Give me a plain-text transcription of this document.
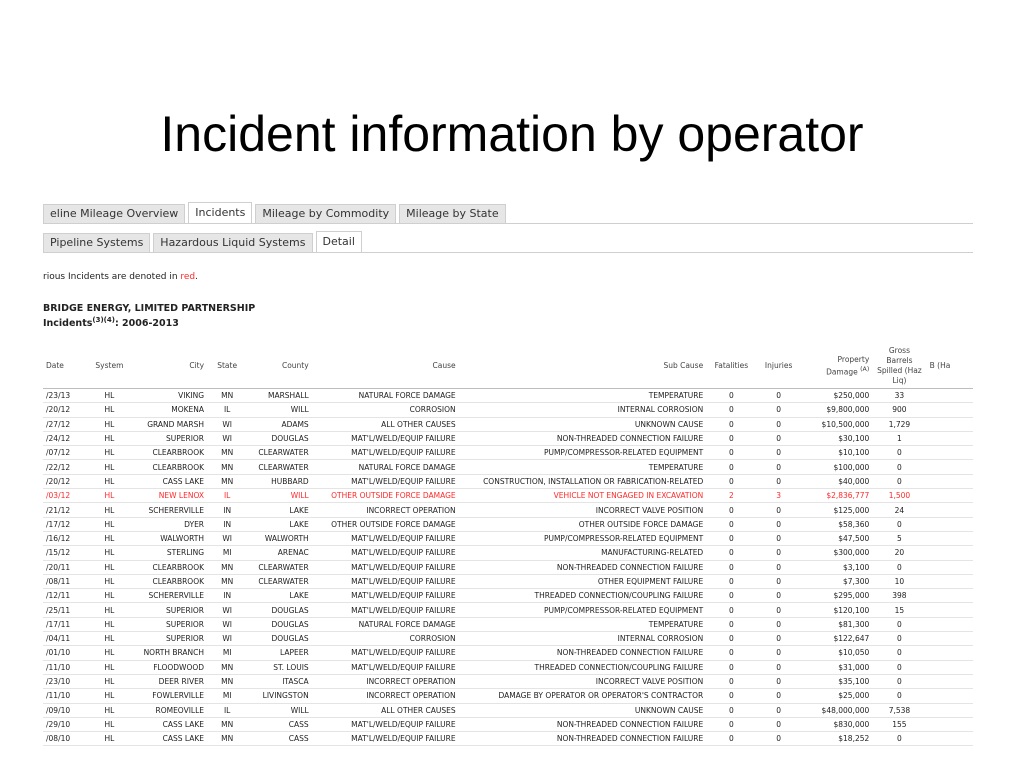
Incident information by operator
eline Mileage Overview	Incidents	Mileage by Commodity	Mileage by State
Pipeline Systems	Hazardous Liquid Systems	Detail
rious Incidents are denoted in red.
BRIDGE ENERGY, LIMITED PARTNERSHIP
Incidents$^{(3)(4)}$: 2006-2013
Date	System	City	State	County	Cause	Sub Cause	Fatalities	Injuries	Property Damage $^{(A)}$	Gross Barrels Spilled (Haz Liq)	B (Ha
/23/13	HL	VIKING	MN	MARSHALL	NATURAL FORCE DAMAGE	TEMPERATURE	0	0	$250,000	33	
/20/12	HL	MOKENA	IL	WILL	CORROSION	INTERNAL CORROSION	0	0	$9,800,000	900	
/27/12	HL	GRAND MARSH	WI	ADAMS	ALL OTHER CAUSES	UNKNOWN CAUSE	0	0	$10,500,000	1,729	
/24/12	HL	SUPERIOR	WI	DOUGLAS	MAT'L/WELD/EQUIP FAILURE	NON-THREADED CONNECTION FAILURE	0	0	$30,100	1	
/07/12	HL	CLEARBROOK	MN	CLEARWATER	MAT'L/WELD/EQUIP FAILURE	PUMP/COMPRESSOR-RELATED EQUIPMENT	0	0	$10,100	0	
/22/12	HL	CLEARBROOK	MN	CLEARWATER	NATURAL FORCE DAMAGE	TEMPERATURE	0	0	$100,000	0	
/20/12	HL	CASS LAKE	MN	HUBBARD	MAT'L/WELD/EQUIP FAILURE	CONSTRUCTION, INSTALLATION OR FABRICATION-RELATED	0	0	$40,000	0	
/03/12	HL	NEW LENOX	IL	WILL	OTHER OUTSIDE FORCE DAMAGE	VEHICLE NOT ENGAGED IN EXCAVATION	2	3	$2,836,777	1,500	
/21/12	HL	SCHERERVILLE	IN	LAKE	INCORRECT OPERATION	INCORRECT VALVE POSITION	0	0	$125,000	24	
/17/12	HL	DYER	IN	LAKE	OTHER OUTSIDE FORCE DAMAGE	OTHER OUTSIDE FORCE DAMAGE	0	0	$58,360	0	
/16/12	HL	WALWORTH	WI	WALWORTH	MAT'L/WELD/EQUIP FAILURE	PUMP/COMPRESSOR-RELATED EQUIPMENT	0	0	$47,500	5	
/15/12	HL	STERLING	MI	ARENAC	MAT'L/WELD/EQUIP FAILURE	MANUFACTURING-RELATED	0	0	$300,000	20	
/20/11	HL	CLEARBROOK	MN	CLEARWATER	MAT'L/WELD/EQUIP FAILURE	NON-THREADED CONNECTION FAILURE	0	0	$3,100	0	
/08/11	HL	CLEARBROOK	MN	CLEARWATER	MAT'L/WELD/EQUIP FAILURE	OTHER EQUIPMENT FAILURE	0	0	$7,300	10	
/12/11	HL	SCHERERVILLE	IN	LAKE	MAT'L/WELD/EQUIP FAILURE	THREADED CONNECTION/COUPLING FAILURE	0	0	$295,000	398	
/25/11	HL	SUPERIOR	WI	DOUGLAS	MAT'L/WELD/EQUIP FAILURE	PUMP/COMPRESSOR-RELATED EQUIPMENT	0	0	$120,100	15	
/17/11	HL	SUPERIOR	WI	DOUGLAS	NATURAL FORCE DAMAGE	TEMPERATURE	0	0	$81,300	0	
/04/11	HL	SUPERIOR	WI	DOUGLAS	CORROSION	INTERNAL CORROSION	0	0	$122,647	0	
/01/10	HL	NORTH BRANCH	MI	LAPEER	MAT'L/WELD/EQUIP FAILURE	NON-THREADED CONNECTION FAILURE	0	0	$10,050	0	
/11/10	HL	FLOODWOOD	MN	ST. LOUIS	MAT'L/WELD/EQUIP FAILURE	THREADED CONNECTION/COUPLING FAILURE	0	0	$31,000	0	
/23/10	HL	DEER RIVER	MN	ITASCA	INCORRECT OPERATION	INCORRECT VALVE POSITION	0	0	$35,100	0	
/11/10	HL	FOWLERVILLE	MI	LIVINGSTON	INCORRECT OPERATION	DAMAGE BY OPERATOR OR OPERATOR'S CONTRACTOR	0	0	$25,000	0	
/09/10	HL	ROMEOVILLE	IL	WILL	ALL OTHER CAUSES	UNKNOWN CAUSE	0	0	$48,000,000	7,538	
/29/10	HL	CASS LAKE	MN	CASS	MAT'L/WELD/EQUIP FAILURE	NON-THREADED CONNECTION FAILURE	0	0	$830,000	155	
/08/10	HL	CASS LAKE	MN	CASS	MAT'L/WELD/EQUIP FAILURE	NON-THREADED CONNECTION FAILURE	0	0	$18,252	0	
